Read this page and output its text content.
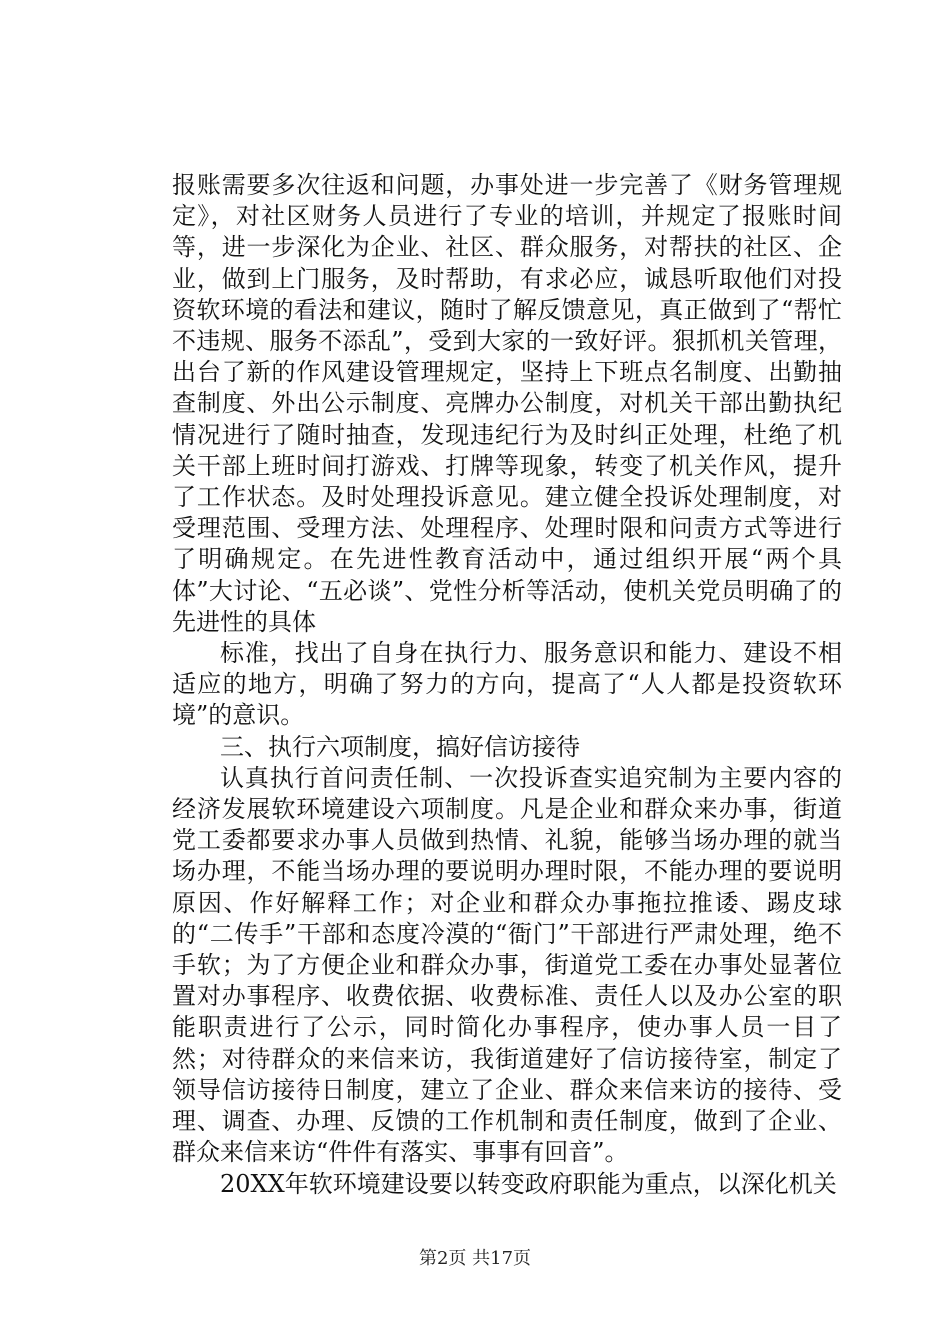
报账需要多次往返和问题，办事处进一步完善了《财务管理规定》，对社区财务人员进行了专业的培训，并规定了报账时间等，进一步深化为企业、社区、群众服务，对帮扶的社区、企业，做到上门服务，及时帮助，有求必应，诚恳听取他们对投资软环境的看法和建议，随时了解反馈意见，真正做到了“帮忙不违规、服务不添乱”，受到大家的一致好评。狠抓机关管理，出台了新的作风建设管理规定，坚持上下班点名制度、出勤抽查制度、外出公示制度、亮牌办公制度，对机关干部出勤执纪情况进行了随时抽查，发现违纪行为及时纠正处理，杜绝了机关干部上班时间打游戏、打牌等现象，转变了机关作风，提升了工作状态。及时处理投诉意见。建立健全投诉处理制度，对受理范围、受理方法、处理程序、处理时限和问责方式等进行了明确规定。在先进性教育活动中，通过组织开展“两个具体”大讨论、“五必谈”、党性分析等活动，使机关党员明确了的先进性的具体

标准，找出了自身在执行力、服务意识和能力、建设不相适应的地方，明确了努力的方向，提高了“人人都是投资软环境”的意识。

三、执行六项制度，搞好信访接待

认真执行首问责任制、一次投诉查实追究制为主要内容的经济发展软环境建设六项制度。凡是企业和群众来办事，街道党工委都要求办事人员做到热情、礼貌，能够当场办理的就当场办理，不能当场办理的要说明办理时限，不能办理的要说明原因、作好解释工作；对企业和群众办事拖拉推诿、踢皮球的“二传手”干部和态度冷漠的“衙门”干部进行严肃处理，绝不手软；为了方便企业和群众办事，街道党工委在办事处显著位置对办事程序、收费依据、收费标准、责任人以及办公室的职能职责进行了公示，同时简化办事程序，使办事人员一目了然；对待群众的来信来访，我街道建好了信访接待室，制定了领导信访接待日制度，建立了企业、群众来信来访的接待、受理、调查、办理、反馈的工作机制和责任制度，做到了企业、群众来信来访“件件有落实、事事有回音”。

20XX年软环境建设要以转变政府职能为重点，以深化机关

第2页 共17页
